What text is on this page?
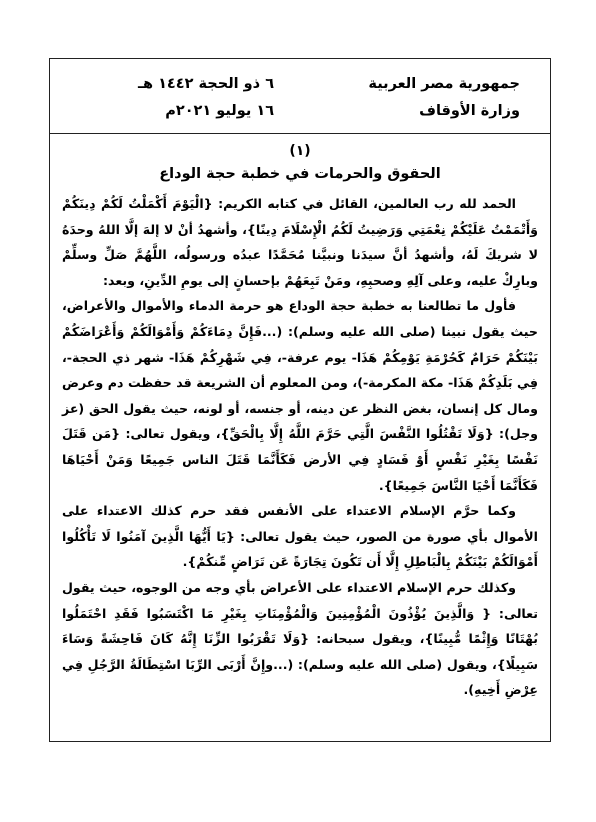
جمهورية مصر العربية
وزارة الأوقاف
٦ ذو الحجة ١٤٤٢ هـ
١٦ يوليو ٢٠٢١م
(١)
الحقوق والحرمات في خطبة حجة الوداع

الحمد لله رب العالمين، القائل في كتابه الكريم: {الْيَوْمَ أَكْمَلْتُ لَكُمْ دِينَكُمْ وَأَتْمَمْتُ عَلَيْكُمْ نِعْمَتِي وَرَضِيتُ لَكُمُ الْإِسْلَامَ دِينًا}، وأشهدُ أنْ لا إلهَ إلَّا اللهُ وحدَهُ لا شريكَ لَهُ، وأشهدُ أنَّ سيدَنا ونبيَّنا مُحَمَّدًا عبدُه ورسولُه، اللَّهُمَّ صَلِّ وسلِّمْ وبارِكْ عليه، وعلى آلِهِ وصحبِهِ، ومَنْ تَبِعَهُمْ بإحسانٍ إلى يومِ الدِّينِ، وبعد:

فأول ما تطالعنا به خطبة حجة الوداع هو حرمة الدماء والأموال والأعراض، حيث يقول نبينا (صلى الله عليه وسلم): (...فَإِنَّ دِمَاءَكُمْ وَأَمْوَالَكُمْ وَأَعْرَاضَكُمْ بَيْنَكُمْ حَرَامٌ كَحُرْمَةِ يَوْمِكُمْ هَذَا- يوم عرفة-، فِي شَهْرِكُمْ هَذَا- شهر ذي الحجة-، فِي بَلَدِكُمْ هَذَا- مكة المكرمة-)، ومن المعلوم أن الشريعة قد حفظت دم وعرض ومال كل إنسان، بغض النظر عن دينه، أو جنسه، أو لونه، حيث يقول الحق (عز وجل): {وَلَا تَقْتُلُوا النَّفْسَ الَّتِي حَرَّمَ اللَّهُ إِلَّا بِالْحَقِّ}، ويقول تعالى: {مَن قَتَلَ نَفْسًا بِغَيْرِ نَفْسٍ أَوْ فَسَادٍ فِي الأرض فَكَأَنَّمَا قَتَلَ الناس جَمِيعًا وَمَنْ أَحْيَاهَا فَكَأَنَّمَا أَحْيَا النَّاسَ جَمِيعًا}.

وكما حرَّم الإسلام الاعتداء على الأنفس فقد حرم كذلك الاعتداء على الأموال بأي صورة من الصور، حيث يقول تعالى: {يَا أَيُّهَا الَّذِينَ آمَنُوا لَا تَأْكُلُوا أَمْوَالَكُمْ بَيْنَكُمْ بِالْبَاطِلِ إِلَّا أَن تَكُونَ تِجَارَةً عَن تَرَاضٍ مِّنكُمْ}.

وكذلك حرم الإسلام الاعتداء على الأعراض بأي وجه من الوجوه، حيث يقول تعالى: { وَالَّذِينَ يُؤْذُونَ الْمُؤْمِنِينَ وَالْمُؤْمِنَاتِ بِغَيْرِ مَا اكْتَسَبُوا فَقَدِ احْتَمَلُوا بُهْتَانًا وَإِثْمًا مُّبِينًا}، ويقول سبحانه: {وَلَا تَقْرَبُوا الزِّنَا إِنَّهُ كَانَ فَاحِشَةً وَسَاءَ سَبِيلًا}، ويقول (صلى الله عليه وسلم): (...وإِنَّ أَرْبَى الرِّبَا اسْتِطَالَةُ الرَّجُلِ فِي عِرْضِ أَخِيهِ).
